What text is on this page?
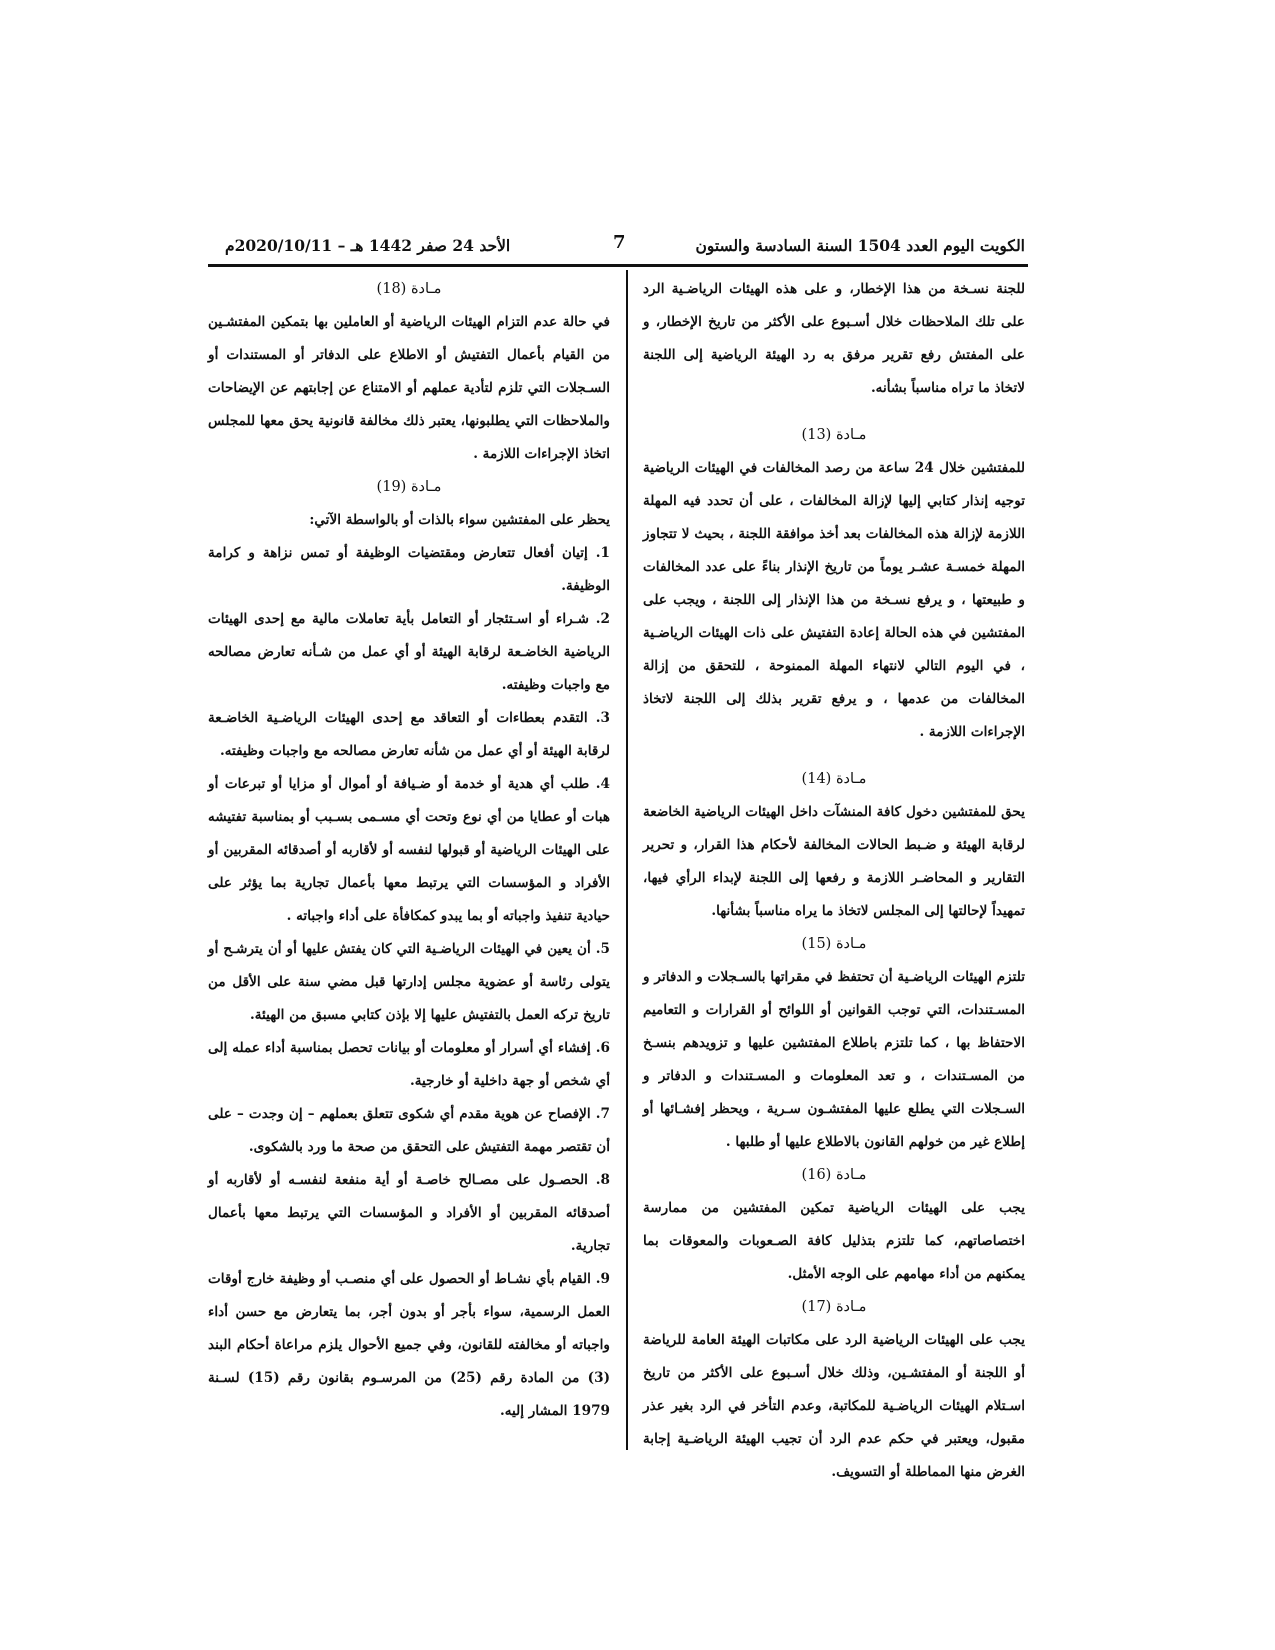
الكويت اليوم العدد 1504 السنة السادسة والستون
7
الأحد 24 صفر 1442 هـ – 2020/10/11م

للجنة نسـخة من هذا الإخطار، و على هذه الهيئات الرياضـية الرد على تلك الملاحظات خلال أسـبوع على الأكثر من تاريخ الإخطار، و على المفتش رفع تقرير مرفق به رد الهيئة الرياضية إلى اللجنة لاتخاذ ما تراه مناسباً بشأنه.

مـادة (13)

للمفتشين خلال 24 ساعة من رصد المخالفات في الهيئات الرياضية توجيه إنذار كتابي إليها لإزالة المخالفات ، على أن تحدد فيه المهلة اللازمة لإزالة هذه المخالفات بعد أخذ موافقة اللجنة ، بحيث لا تتجاوز المهلة خمسـة عشـر يوماً من تاريخ الإنذار بناءً على عدد المخالفات و طبيعتها ، و يرفع نسـخة من هذا الإنذار إلى اللجنة ، ويجب على المفتشين في هذه الحالة إعادة التفتيش على ذات الهيئات الرياضـية ، في اليوم التالي لانتهاء المهلة الممنوحة ، للتحقق من إزالة المخالفات من عدمها ، و يرفع تقرير بذلك إلى اللجنة لاتخاذ الإجراءات اللازمة .

مـادة (14)

يحق للمفتشين دخول كافة المنشآت داخل الهيئات الرياضية الخاضعة لرقابة الهيئة و ضـبط الحالات المخالفة لأحكام هذا القرار، و تحرير التقارير و المحاضـر اللازمة و رفعها إلى اللجنة لإبداء الرأي فيها، تمهيداً لإحالتها إلى المجلس لاتخاذ ما يراه مناسباً بشأنها.

مـادة (15)

تلتزم الهيئات الرياضـية أن تحتفظ في مقراتها بالسـجلات و الدفاتر و المسـتندات، التي توجب القوانين أو اللوائح أو القرارات و التعاميم الاحتفاظ بها ، كما تلتزم باطلاع المفتشين عليها و تزويدهم بنسـخ من المسـتندات ، و تعد المعلومات و المسـتندات و الدفاتر و السـجلات التي يطلع عليها المفتشـون سـرية ، ويحظر إفشـائها أو إطلاع غير من خولهم القانون بالاطلاع عليها أو طلبها .

مـادة (16)

يجب على الهيئات الرياضية تمكين المفتشين من ممارسة اختصاصاتهم، كما تلتزم بتذليل كافة الصـعوبات والمعوقات بما يمكنهم من أداء مهامهم على الوجه الأمثل.

مـادة (17)

يجب على الهيئات الرياضية الرد على مكاتبات الهيئة العامة للرياضة أو اللجنة أو المفتشـين، وذلك خلال أسـبوع على الأكثر من تاريخ اسـتلام الهيئات الرياضـية للمكاتبة، وعدم التأخر في الرد بغير عذر مقبول، ويعتبر في حكم عدم الرد أن تجيب الهيئة الرياضـية إجابة الغرض منها المماطلة أو التسويف.

مـادة (18)

في حالة عدم التزام الهيئات الرياضية أو العاملين بها بتمكين المفتشـين من القيام بأعمال التفتيش أو الاطلاع على الدفاتر أو المستندات أو السـجلات التي تلزم لتأدية عملهم أو الامتناع عن إجابتهم عن الإيضاحات والملاحظات التي يطلبونها، يعتبر ذلك مخالفة قانونية يحق معها للمجلس اتخاذ الإجراءات اللازمة .

مـادة (19)

يحظر على المفتشين سواء بالذات أو بالواسطة الآتي:

1. إتيان أفعال تتعارض ومقتضيات الوظيفة أو تمس نزاهة و كرامة الوظيفة.

2. شـراء أو اسـتئجار أو التعامل بأية تعاملات مالية مع إحدى الهيئات الرياضية الخاضـعة لرقابة الهيئة أو أي عمل من شـأنه تعارض مصالحه مع واجبات وظيفته.

3. التقدم بعطاءات أو التعاقد مع إحدى الهيئات الرياضـية الخاضـعة لرقابة الهيئة أو أي عمل من شأنه تعارض مصالحه مع واجبات وظيفته.

4. طلب أي هدية أو خدمة أو ضـيافة أو أموال أو مزايا أو تبرعات أو هبات أو عطايا من أي نوع وتحت أي مسـمى بسـبب أو بمناسبة تفتيشه على الهيئات الرياضية أو قبولها لنفسه أو لأقاربه أو أصدقائه المقربين أو الأفراد و المؤسسات التي يرتبط معها بأعمال تجارية بما يؤثر على حيادية تنفيذ واجباته أو بما يبدو كمكافأة على أداء واجباته .

5. أن يعين في الهيئات الرياضـية التي كان يفتش عليها أو أن يترشـح أو يتولى رئاسة أو عضوية مجلس إدارتها قبل مضي سنة على الأقل من تاريخ تركه العمل بالتفتيش عليها إلا بإذن كتابي مسبق من الهيئة.

6. إفشاء أي أسرار أو معلومات أو بيانات تحصل بمناسبة أداء عمله إلى أي شخص أو جهة داخلية أو خارجية.

7. الإفصاح عن هوية مقدم أي شكوى تتعلق بعملهم – إن وجدت – على أن تقتصر مهمة التفتيش على التحقق من صحة ما ورد بالشكوى.

8. الحصـول على مصـالح خاصـة أو أية منفعة لنفسـه أو لأقاربه أو أصدقائه المقربين أو الأفراد و المؤسسات التي يرتبط معها بأعمال تجارية.

9. القيام بأي نشـاط أو الحصول على أي منصـب أو وظيفة خارج أوقات العمل الرسمية، سواء بأجر أو بدون أجر، بما يتعارض مع حسن أداء واجباته أو مخالفته للقانون، وفي جميع الأحوال يلزم مراعاة أحكام البند (3) من المادة رقم (25) من المرسـوم بقانون رقم (15) لسـنة 1979 المشار إليه.
